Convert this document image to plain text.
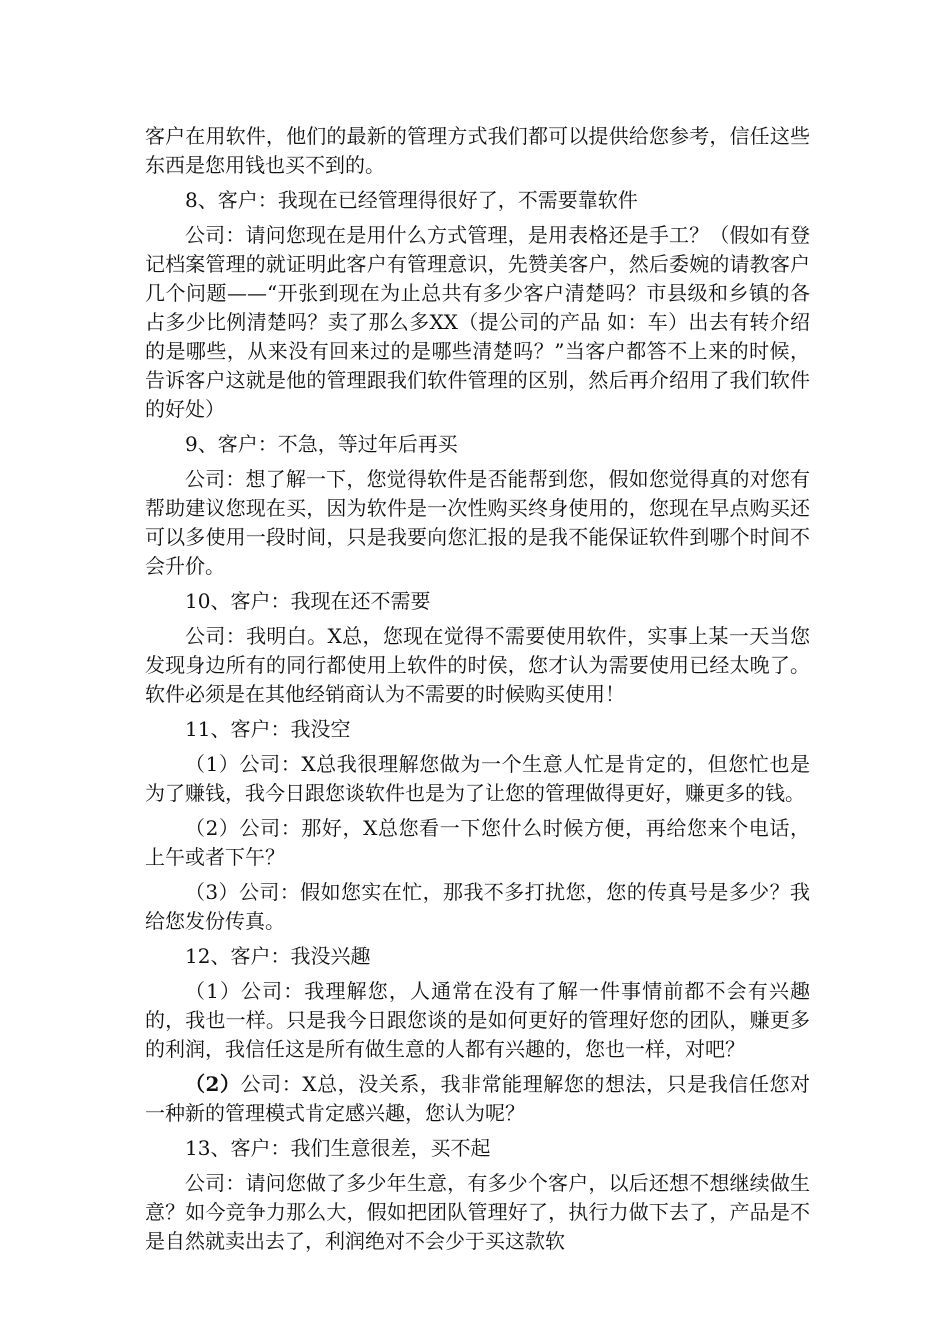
客户在用软件，他们的最新的管理方式我们都可以提供给您参考，信任这些东西是您用钱也买不到的。

8、客户：我现在已经管理得很好了，不需要靠软件

公司：请问您现在是用什么方式管理，是用表格还是手工？（假如有登记档案管理的就证明此客户有管理意识，先赞美客户，然后委婉的请教客户几个问题——“开张到现在为止总共有多少客户清楚吗？市县级和乡镇的各占多少比例清楚吗？卖了那么多XX（提公司的产品 如：车）出去有转介绍的是哪些，从来没有回来过的是哪些清楚吗？”当客户都答不上来的时候，告诉客户这就是他的管理跟我们软件管理的区别，然后再介绍用了我们软件的好处）

9、客户：不急，等过年后再买

公司：想了解一下，您觉得软件是否能帮到您，假如您觉得真的对您有帮助建议您现在买，因为软件是一次性购买终身使用的，您现在早点购买还可以多使用一段时间，只是我要向您汇报的是我不能保证软件到哪个时间不会升价。

10、客户：我现在还不需要

公司：我明白。X总，您现在觉得不需要使用软件，实事上某一天当您发现身边所有的同行都使用上软件的时侯，您才认为需要使用已经太晚了。软件必须是在其他经销商认为不需要的时候购买使用！

11、客户：我没空

（1）公司：X总我很理解您做为一个生意人忙是肯定的，但您忙也是为了赚钱，我今日跟您谈软件也是为了让您的管理做得更好，赚更多的钱。

（2）公司：那好，X总您看一下您什么时候方便，再给您来个电话，上午或者下午？

（3）公司：假如您实在忙，那我不多打扰您，您的传真号是多少？我给您发份传真。

12、客户：我没兴趣

（1）公司：我理解您，人通常在没有了解一件事情前都不会有兴趣的，我也一样。只是我今日跟您谈的是如何更好的管理好您的团队，赚更多的利润，我信任这是所有做生意的人都有兴趣的，您也一样，对吧？

（2）公司：X总，没关系，我非常能理解您的想法，只是我信任您对一种新的管理模式肯定感兴趣，您认为呢？

13、客户：我们生意很差，买不起

公司：请问您做了多少年生意，有多少个客户，以后还想不想继续做生意？如今竞争力那么大，假如把团队管理好了，执行力做下去了，产品是不是自然就卖出去了，利润绝对不会少于买这款软
